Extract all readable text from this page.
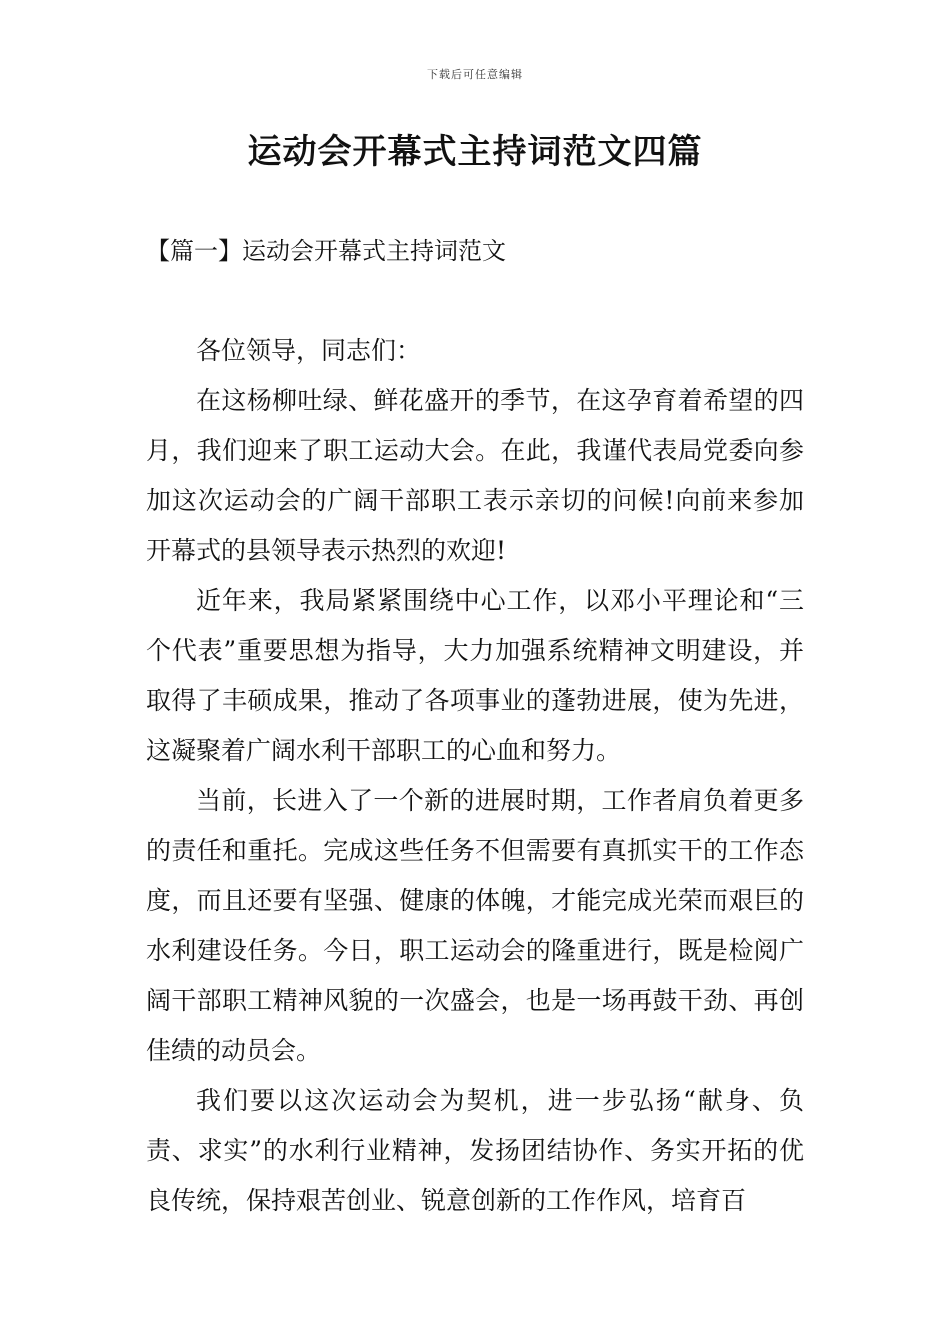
下载后可任意编辑
运动会开幕式主持词范文四篇
【篇一】运动会开幕式主持词范文

各位领导，同志们：

在这杨柳吐绿、鲜花盛开的季节，在这孕育着希望的四月，我们迎来了职工运动大会。在此，我谨代表局党委向参加这次运动会的广阔干部职工表示亲切的问候!向前来参加开幕式的县领导表示热烈的欢迎!

近年来，我局紧紧围绕中心工作，以邓小平理论和“三个代表”重要思想为指导，大力加强系统精神文明建设，并取得了丰硕成果，推动了各项事业的蓬勃进展，使为先进，这凝聚着广阔水利干部职工的心血和努力。

当前，长进入了一个新的进展时期，工作者肩负着更多的责任和重托。完成这些任务不但需要有真抓实干的工作态度，而且还要有坚强、健康的体魄，才能完成光荣而艰巨的水利建设任务。今日，职工运动会的隆重进行，既是检阅广阔干部职工精神风貌的一次盛会，也是一场再鼓干劲、再创佳绩的动员会。

我们要以这次运动会为契机，进一步弘扬“献身、负责、求实”的水利行业精神，发扬团结协作、务实开拓的优良传统，保持艰苦创业、锐意创新的工作作风，培育百
